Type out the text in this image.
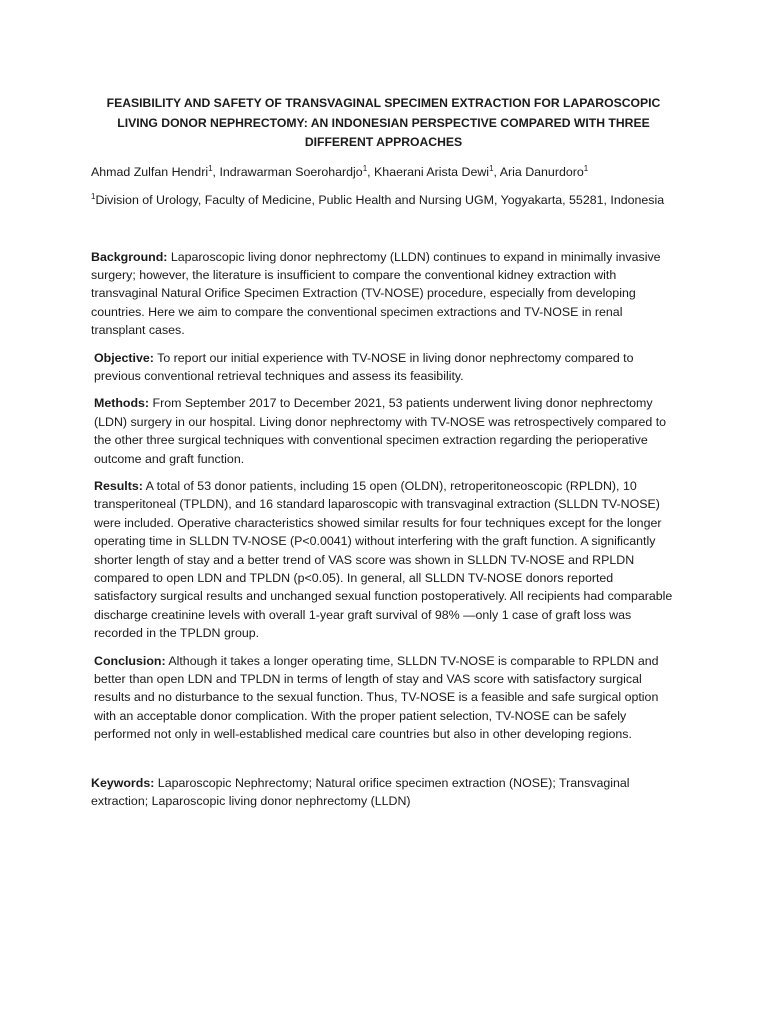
FEASIBILITY AND SAFETY OF TRANSVAGINAL SPECIMEN EXTRACTION FOR LAPAROSCOPIC LIVING DONOR NEPHRECTOMY: AN INDONESIAN PERSPECTIVE COMPARED WITH THREE DIFFERENT APPROACHES

Ahmad Zulfan Hendri$^1$, Indrawarman Soerohardjo$^1$, Khaerani Arista Dewi$^1$, Aria Danurdoro$^1$

$^1$Division of Urology, Faculty of Medicine, Public Health and Nursing UGM, Yogyakarta, 55281, Indonesia

Background: Laparoscopic living donor nephrectomy (LLDN) continues to expand in minimally invasive surgery; however, the literature is insufficient to compare the conventional kidney extraction with transvaginal Natural Orifice Specimen Extraction (TV-NOSE) procedure, especially from developing countries. Here we aim to compare the conventional specimen extractions and TV-NOSE in renal transplant cases.

Objective: To report our initial experience with TV-NOSE in living donor nephrectomy compared to previous conventional retrieval techniques and assess its feasibility.

Methods: From September 2017 to December 2021, 53 patients underwent living donor nephrectomy (LDN) surgery in our hospital. Living donor nephrectomy with TV-NOSE was retrospectively compared to the other three surgical techniques with conventional specimen extraction regarding the perioperative outcome and graft function.

Results: A total of 53 donor patients, including 15 open (OLDN), retroperitoneoscopic (RPLDN), 10 transperitoneal (TPLDN), and 16 standard laparoscopic with transvaginal extraction (SLLDN TV-NOSE) were included. Operative characteristics showed similar results for four techniques except for the longer operating time in SLLDN TV-NOSE (P<0.0041) without interfering with the graft function. A significantly shorter length of stay and a better trend of VAS score was shown in SLLDN TV-NOSE and RPLDN compared to open LDN and TPLDN (p<0.05). In general, all SLLDN TV-NOSE donors reported satisfactory surgical results and unchanged sexual function postoperatively. All recipients had comparable discharge creatinine levels with overall 1-year graft survival of 98% —only 1 case of graft loss was recorded in the TPLDN group.

Conclusion: Although it takes a longer operating time, SLLDN TV-NOSE is comparable to RPLDN and better than open LDN and TPLDN in terms of length of stay and VAS score with satisfactory surgical results and no disturbance to the sexual function. Thus, TV-NOSE is a feasible and safe surgical option with an acceptable donor complication. With the proper patient selection, TV-NOSE can be safely performed not only in well-established medical care countries but also in other developing regions.

Keywords: Laparoscopic Nephrectomy; Natural orifice specimen extraction (NOSE); Transvaginal extraction; Laparoscopic living donor nephrectomy (LLDN)
